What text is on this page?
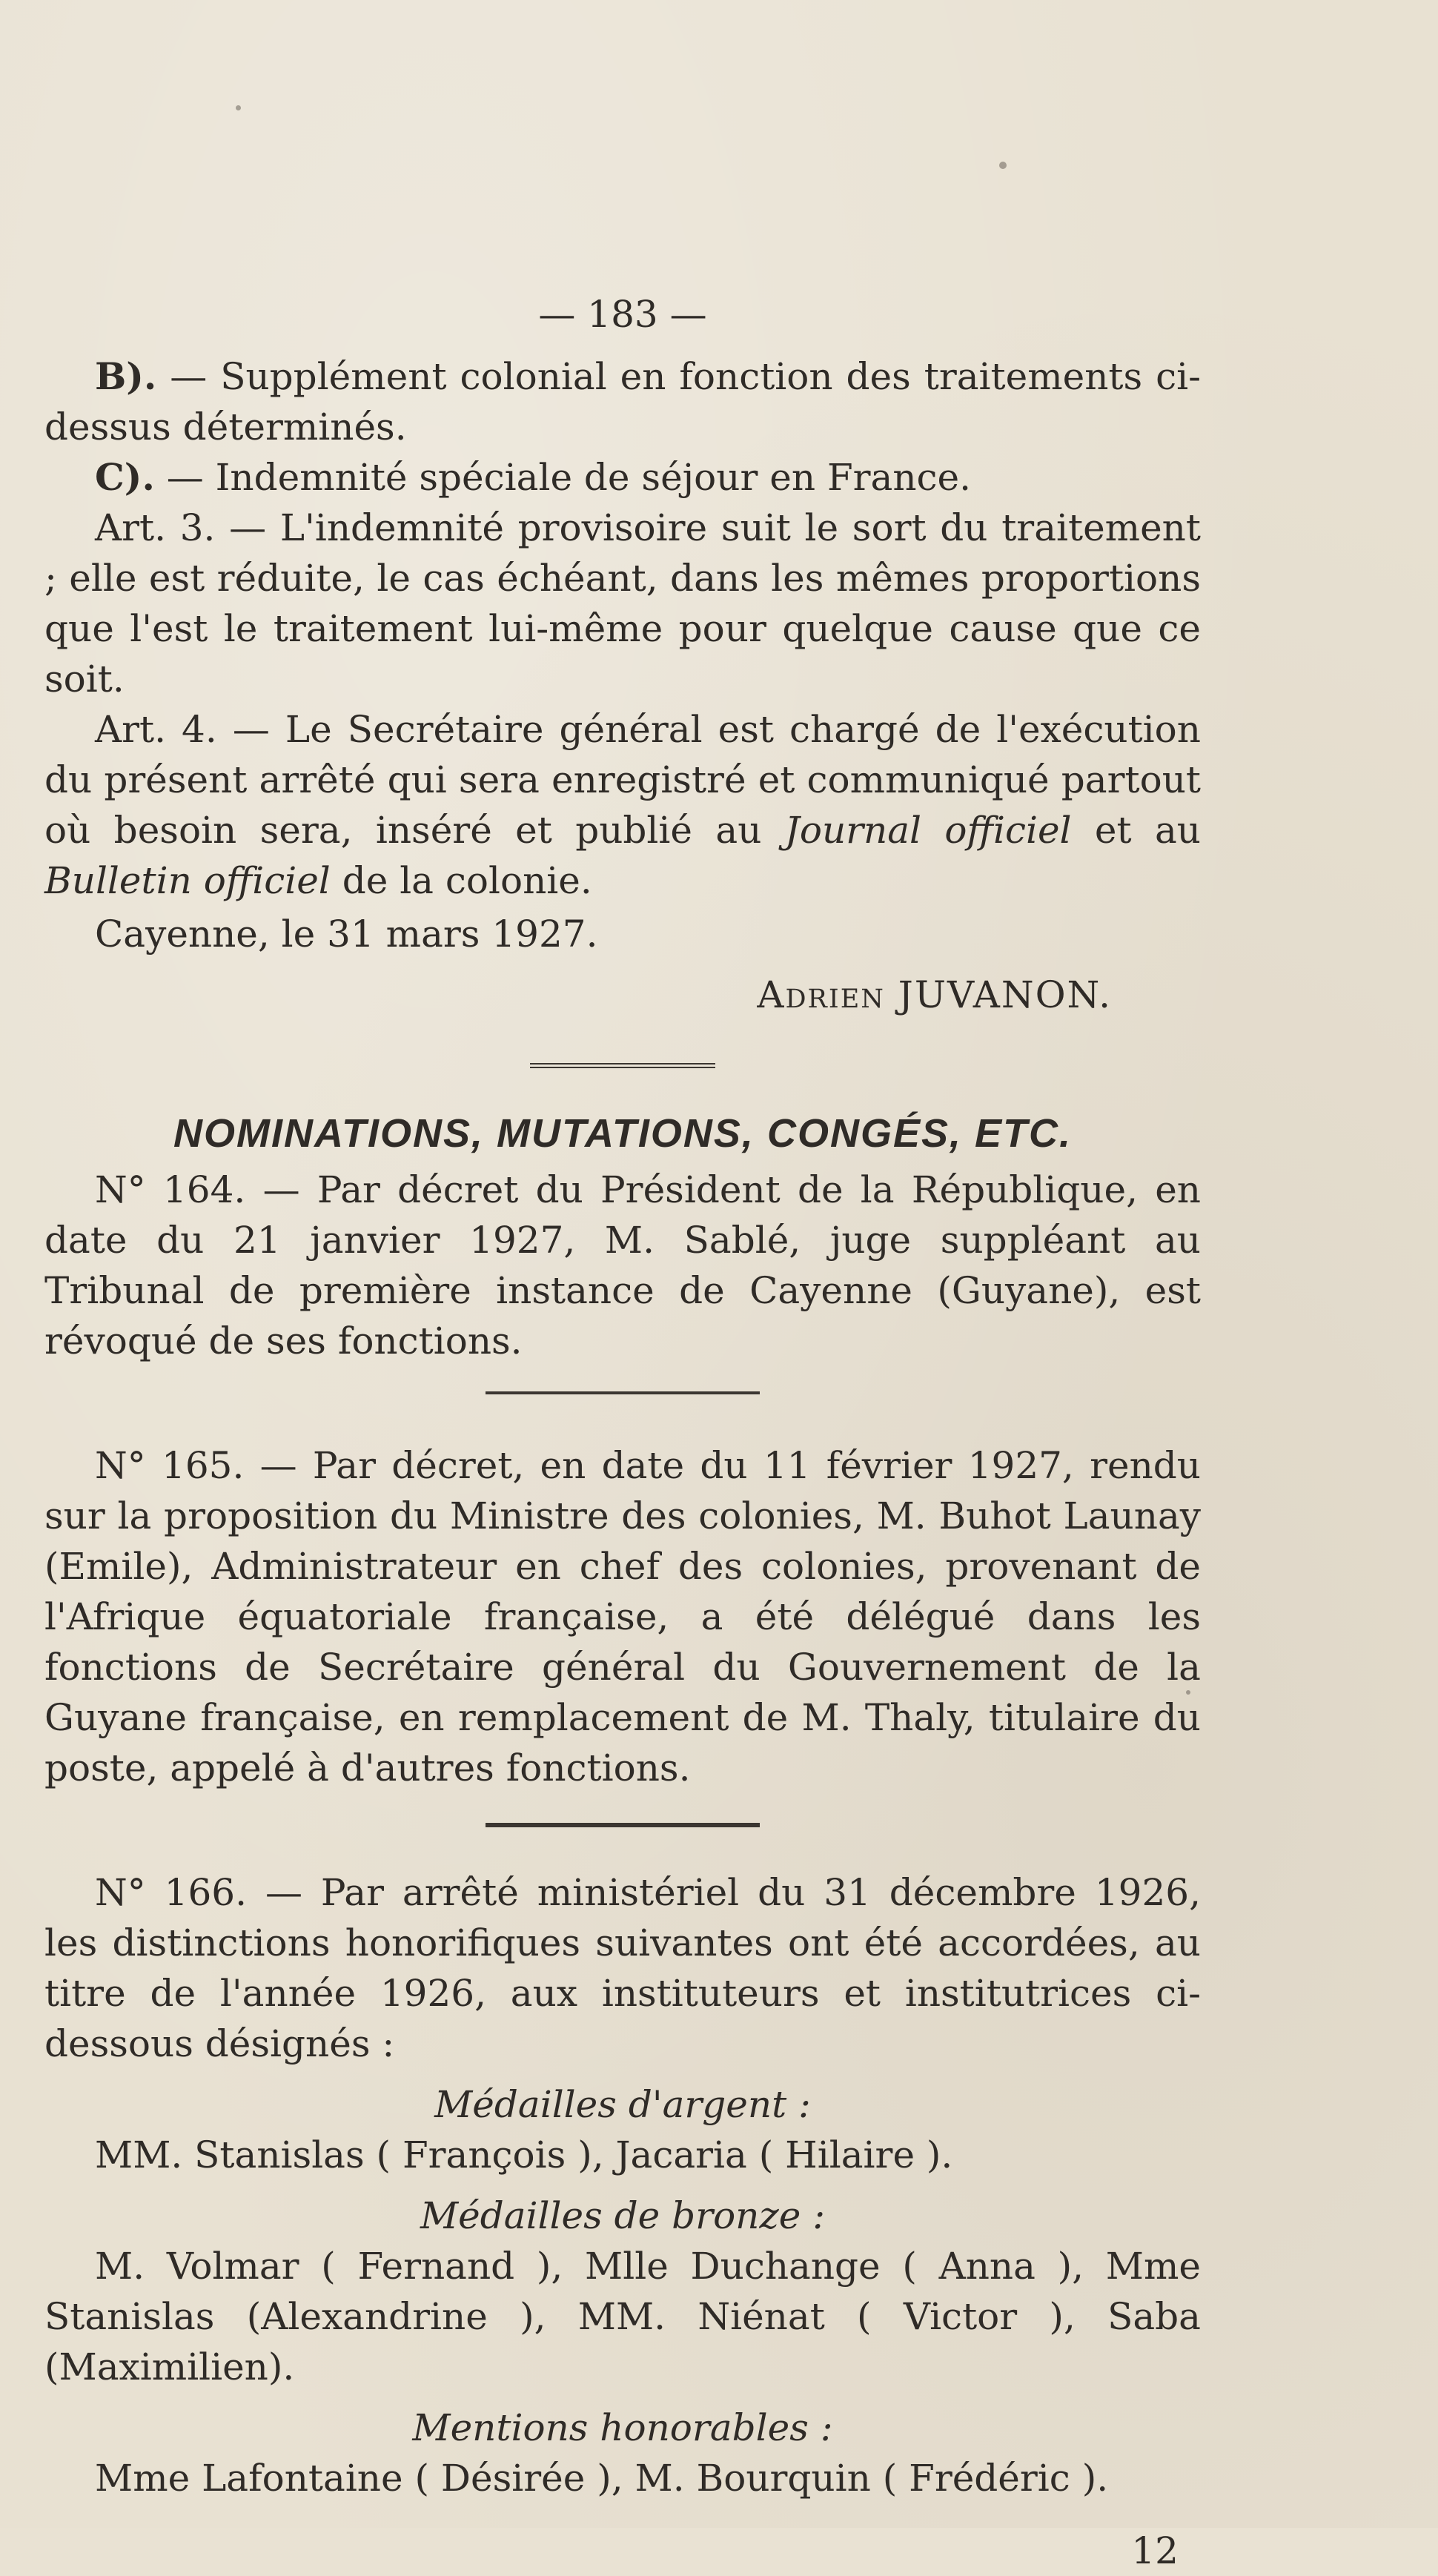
— 183 —

B). — Supplément colonial en fonction des traitements ci-dessus déterminés.

C). — Indemnité spéciale de séjour en France.

Art. 3. — L'indemnité provisoire suit le sort du traitement ; elle est réduite, le cas échéant, dans les mêmes proportions que l'est le traitement lui-même pour quelque cause que ce soit.

Art. 4. — Le Secrétaire général est chargé de l'exécution du présent arrêté qui sera enregistré et communiqué partout où besoin sera, inséré et publié au Journal officiel et au Bulletin officiel de la colonie.

Cayenne, le 31 mars 1927.

Adrien JUVANON.

NOMINATIONS, MUTATIONS, CONGÉS, ETC.

N° 164. — Par décret du Président de la République, en date du 21 janvier 1927, M. Sablé, juge suppléant au Tribunal de première instance de Cayenne (Guyane), est révoqué de ses fonctions.

N° 165. — Par décret, en date du 11 février 1927, rendu sur la proposition du Ministre des colonies, M. Buhot Launay (Emile), Administrateur en chef des colonies, provenant de l'Afrique équatoriale française, a été délégué dans les fonctions de Secrétaire général du Gouvernement de la Guyane française, en remplacement de M. Thaly, titulaire du poste, appelé à d'autres fonctions.

N° 166. — Par arrêté ministériel du 31 décembre 1926, les distinctions honorifiques suivantes ont été accordées, au titre de l'année 1926, aux instituteurs et institutrices ci-dessous désignés :

Médailles d'argent :

MM. Stanislas ( François ), Jacaria ( Hilaire ).

Médailles de bronze :

M. Volmar ( Fernand ), Mlle Duchange ( Anna ), Mme Stanislas (Alexandrine ), MM. Niénat ( Victor ), Saba (Maximilien).

Mentions honorables :

Mme Lafontaine ( Désirée ), M. Bourquin ( Frédéric ).

12
